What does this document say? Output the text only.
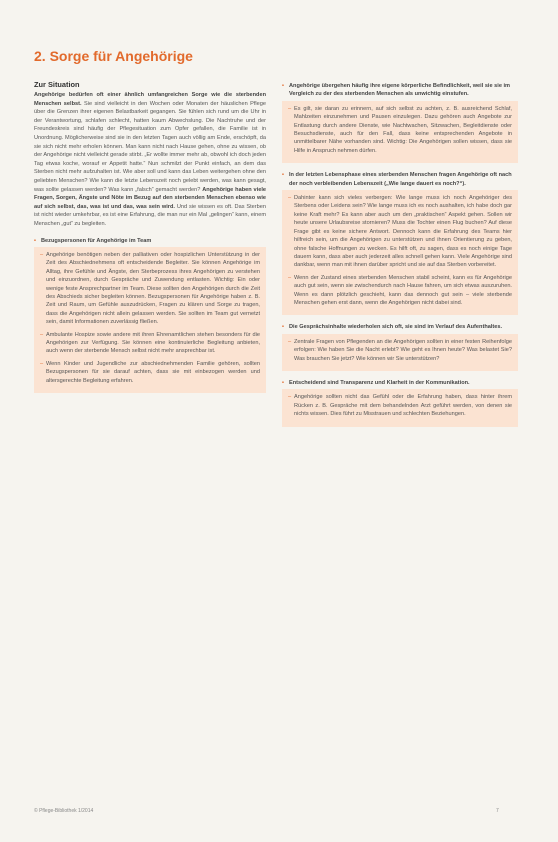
2. Sorge für Angehörige

Zur Situation

Angehörige bedürfen oft einer ähnlich umfangreichen Sorge wie die sterbenden Menschen selbst. Sie sind vielleicht in den Wochen oder Monaten der häuslichen Pflege über die Grenzen ihrer eigenen Belastbarkeit gegangen. Sie fühlen sich rund um die Uhr in der Verantwortung, schlafen schlecht, hatten kaum Abwechslung. Die Nachtruhe und der Freundeskreis sind häufig der Pflegesituation zum Opfer gefallen, die Familie ist in Unordnung. Möglicherweise sind sie in den letzten Tagen auch völlig am Ende, erschöpft, da sie sich nicht mehr erholen können. Man kann nicht nach Hause gehen, ohne zu wissen, ob der Angehörige nicht vielleicht gerade stirbt. „Er wollte immer mehr ab, obwohl ich doch jeden Tag etwas koche, worauf er Appetit hatte.“ Nun schmilzt der Punkt einfach, an dem das Sterben nicht mehr aufzuhalten ist. Wie aber soll und kann das Leben weitergehen ohne den geliebten Menschen? Wie kann die letzte Lebenszeit noch gelebt werden, was kann gesagt, was sollte gelassen werden? Was kann „falsch“ gemacht werden? Angehörige haben viele Fragen, Sorgen, Ängste und Nöte im Bezug auf den sterbenden Menschen ebenso wie auf sich selbst, das, was ist und das, was sein wird. Und sie wissen es oft. Das Sterben ist nicht wieder umkehrbar, es ist eine Erfahrung, die man nur ein Mal „gelingen“ kann, einem Menschen „gut“ zu begleiten.

• Bezugspersonen für Angehörige im Team

– Angehörige benötigen neben der palliativen oder hospizlichen Unterstützung in der Zeit des Abschiednehmens oft entscheidende Begleiter. Sie können Angehörige im Alltag, ihre Gefühle und Ängste, den Sterbeprozess ihres Angehörigen zu verstehen und einzuordnen, durch Gespräche und Zuwendung entlasten. Wichtig: Ein oder wenige feste Ansprechpartner im Team. Diese sollten den Angehörigen durch die Zeit des Abschieds sicher begleiten können. Bezugspersonen für Angehörige haben z. B. Zeit und Raum, um Gefühle auszudrücken, Fragen zu klären und Sorge zu tragen, dass die Angehörigen nicht allein gelassen werden. Sie sollten im Team gut vernetzt sein, damit Informationen zuverlässig fließen.

– Ambulante Hospize sowie andere mit ihren Ehrenamtlichen stehen besonders für die Angehörigen zur Verfügung. Sie können eine kontinuierliche Begleitung anbieten, auch wenn der sterbende Mensch selbst nicht mehr ansprechbar ist.

– Wenn Kinder und Jugendliche zur abschiednehmenden Familie gehören, sollten Bezugspersonen für sie darauf achten, dass sie mit einbezogen werden und altersgerechte Begleitung erfahren.

• Angehörige übergehen häufig ihre eigene körperliche Befindlichkeit, weil sie sie im Vergleich zu der des sterbenden Menschen als unwichtig einstufen.

– Es gilt, sie daran zu erinnern, auf sich selbst zu achten, z. B. ausreichend Schlaf, Mahlzeiten einzunehmen und Pausen einzulegen. Dazu gehören auch Angebote zur Entlastung durch andere Dienste, wie Nachtwachen, Sitzwachen, Begleitdienste oder Besuchsdienste, auch für den Fall, dass keine entsprechenden Angebote in unmittelbarer Nähe vorhanden sind. Wichtig: Die Angehörigen sollen wissen, dass sie Hilfe in Anspruch nehmen dürfen.

• In der letzten Lebensphase eines sterbenden Menschen fragen Angehörige oft nach der noch verbleibenden Lebenszeit („Wie lange dauert es noch?“).

– Dahinter kann sich vieles verbergen: Wie lange muss ich noch Angehöriger des Sterbens oder Leidens sein? Wie lange muss ich es noch aushalten, ich habe doch gar keine Kraft mehr? Es kann aber auch um den „praktischen“ Aspekt gehen. Sollen wir heute unsere Urlaubsreise stornieren? Muss die Tochter einen Flug buchen? Auf diese Frage gibt es keine sichere Antwort. Dennoch kann die Erfahrung des Teams hier hilfreich sein, um die Angehörigen zu unterstützen und ihnen Orientierung zu geben, ohne falsche Hoffnungen zu wecken. Es hilft oft, zu sagen, dass es noch einige Tage dauern kann, dass aber auch jederzeit alles schnell gehen kann. Viele Angehörige sind dankbar, wenn man mit ihnen darüber spricht und sie auf das Sterben vorbereitet.

– Wenn der Zustand eines sterbenden Menschen stabil scheint, kann es für Angehörige auch gut sein, wenn sie zwischendurch nach Hause fahren, um sich etwas auszuruhen. Wenn es dann plötzlich geschieht, kann das dennoch gut sein – viele sterbende Menschen gehen erst dann, wenn die Angehörigen nicht dabei sind.

• Die Gesprächsinhalte wiederholen sich oft, sie sind im Verlauf des Aufenthaltes.

– Zentrale Fragen von Pflegenden an die Angehörigen sollten in einer festen Reihenfolge erfolgen: Wie haben Sie die Nacht erlebt? Wie geht es Ihnen heute? Was belastet Sie? Was brauchen Sie jetzt? Wie können wir Sie unterstützen?

• Entscheidend sind Transparenz und Klarheit in der Kommunikation.

– Angehörige sollten nicht das Gefühl oder die Erfahrung haben, dass hinter ihrem Rücken z. B. Gespräche mit dem behandelnden Arzt geführt werden, von denen sie nichts wissen. Dies führt zu Misstrauen und schlechten Beziehungen.

© Pflege-Bibliothek 1/2014	7
